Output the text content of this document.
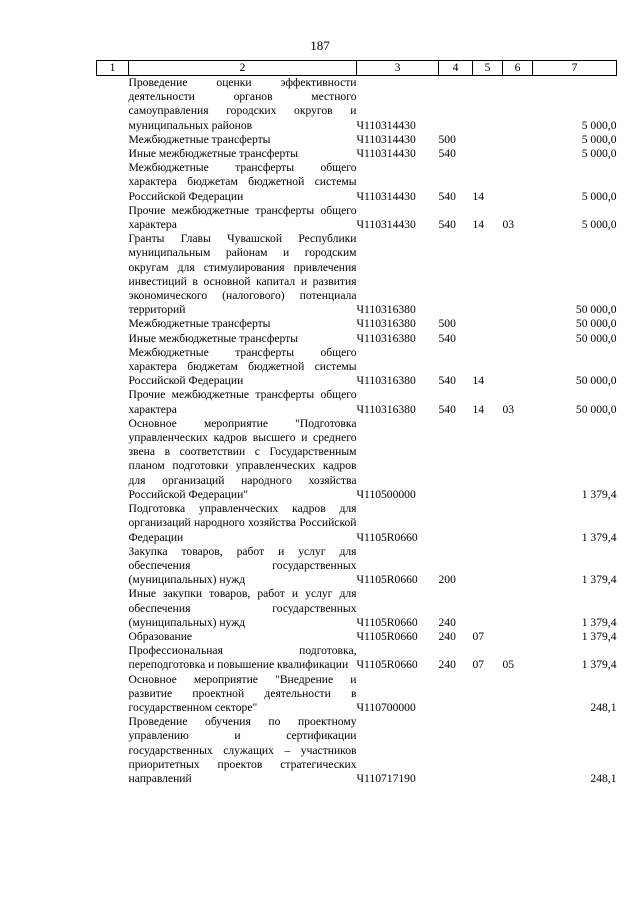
187
1	2	3	4	5	6	7
	Проведение оценки эффективности деятельности органов местного самоуправления городских округов и муниципальных районов	Ч110314430				5 000,0
	Межбюджетные трансферты	Ч110314430	500			5 000,0
	Иные межбюджетные трансферты	Ч110314430	540			5 000,0
	Межбюджетные трансферты общего характера бюджетам бюджетной системы Российской Федерации	Ч110314430	540	14		5 000,0
	Прочие межбюджетные трансферты общего характера	Ч110314430	540	14	03	5 000,0
	Гранты Главы Чувашской Республики муниципальным районам и городским округам для стимулирования привлечения инвестиций в основной капитал и развития экономического (налогового) потенциала территорий	Ч110316380				50 000,0
	Межбюджетные трансферты	Ч110316380	500			50 000,0
	Иные межбюджетные трансферты	Ч110316380	540			50 000,0
	Межбюджетные трансферты общего характера бюджетам бюджетной системы Российской Федерации	Ч110316380	540	14		50 000,0
	Прочие межбюджетные трансферты общего характера	Ч110316380	540	14	03	50 000,0
	Основное мероприятие "Подготовка управленческих кадров высшего и среднего звена в соответствии с Государственным планом подготовки управленческих кадров для организаций народного хозяйства Российской Федерации"	Ч110500000				1 379,4
	Подготовка управленческих кадров для организаций народного хозяйства Российской Федерации	Ч1105R0660				1 379,4
	Закупка товаров, работ и услуг для обеспечения государственных (муниципальных) нужд	Ч1105R0660	200			1 379,4
	Иные закупки товаров, работ и услуг для обеспечения государственных (муниципальных) нужд	Ч1105R0660	240			1 379,4
	Образование	Ч1105R0660	240	07		1 379,4
	Профессиональная подготовка, переподготовка и повышение квалификации	Ч1105R0660	240	07	05	1 379,4
	Основное мероприятие "Внедрение и развитие проектной деятельности в государственном секторе"	Ч110700000				248,1
	Проведение обучения по проектному управлению и сертификации государственных служащих – участников приоритетных проектов стратегических направлений	Ч110717190				248,1
